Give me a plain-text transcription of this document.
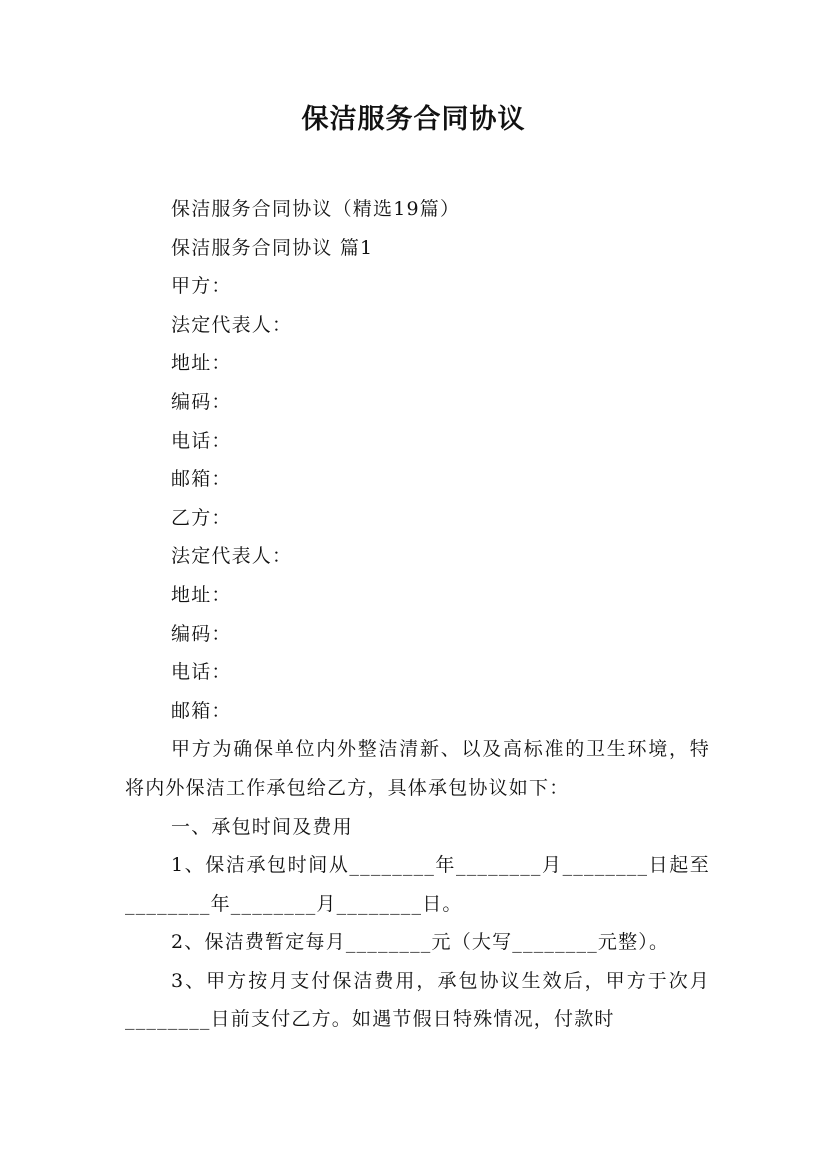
保洁服务合同协议

保洁服务合同协议（精选19篇）

保洁服务合同协议 篇1

甲方：

法定代表人：

地址：

编码：

电话：

邮箱：

乙方：

法定代表人：

地址：

编码：

电话：

邮箱：

甲方为确保单位内外整洁清新、以及高标准的卫生环境，特将内外保洁工作承包给乙方，具体承包协议如下：

一、承包时间及费用

1、保洁承包时间从________年________月________日起至________年________月________日。

2、保洁费暂定每月________元（大写________元整）。

3、甲方按月支付保洁费用，承包协议生效后，甲方于次月________日前支付乙方。如遇节假日特殊情况，付款时
